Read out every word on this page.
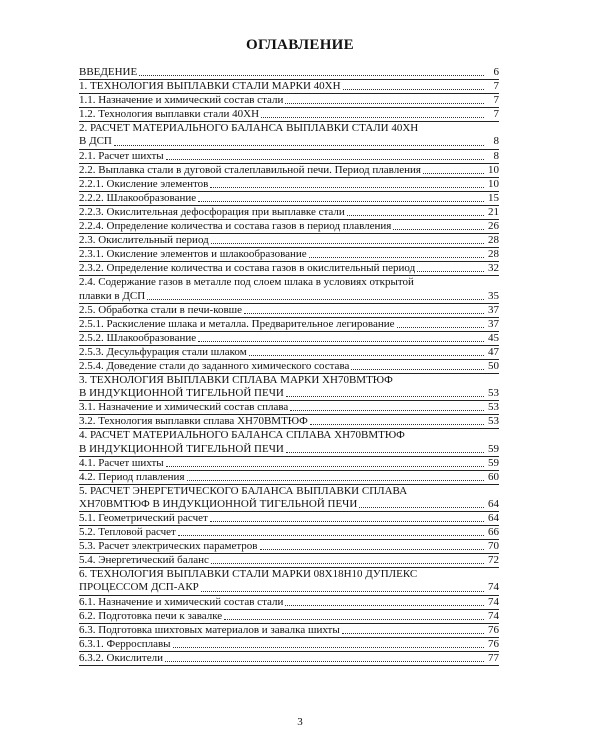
ОГЛАВЛЕНИЕ
ВВЕДЕНИЕ	6
1. ТЕХНОЛОГИЯ ВЫПЛАВКИ СТАЛИ МАРКИ 40ХН	7
1.1. Назначение и химический состав стали	7
1.2. Технология выплавки стали 40ХН	7
2. РАСЧЕТ МАТЕРИАЛЬНОГО БАЛАНСА ВЫПЛАВКИ СТАЛИ 40ХН
В ДСП	8
2.1. Расчет шихты	8
2.2. Выплавка стали в дуговой сталеплавильной печи. Период плавления	10
2.2.1. Окисление элементов	10
2.2.2. Шлакообразование	15
2.2.3. Окислительная дефосфорация при выплавке стали	21
2.2.4. Определение количества и состава газов в период плавления	26
2.3. Окислительный период	28
2.3.1. Окисление элементов и шлакообразование	28
2.3.2. Определение количества и состава газов в окислительный период	32
2.4. Содержание газов в металле под слоем шлака в условиях открытой
плавки в ДСП	35
2.5. Обработка стали в печи-ковше	37
2.5.1. Раскисление шлака и металла. Предварительное легирование	37
2.5.2. Шлакообразование	45
2.5.3. Десульфурация стали шлаком	47
2.5.4. Доведение стали до заданного химического состава	50
3. ТЕХНОЛОГИЯ ВЫПЛАВКИ СПЛАВА МАРКИ ХН70ВМТЮФ
В ИНДУКЦИОННОЙ ТИГЕЛЬНОЙ ПЕЧИ	53
3.1. Назначение и химический состав сплава	53
3.2. Технология выплавки сплава ХН70ВМТЮФ	53
4. РАСЧЕТ МАТЕРИАЛЬНОГО БАЛАНСА СПЛАВА ХН70ВМТЮФ
В ИНДУКЦИОННОЙ ТИГЕЛЬНОЙ ПЕЧИ	59
4.1. Расчет шихты	59
4.2. Период плавления	60
5. РАСЧЕТ ЭНЕРГЕТИЧЕСКОГО БАЛАНСА ВЫПЛАВКИ СПЛАВА
ХН70ВМТЮФ В ИНДУКЦИОННОЙ ТИГЕЛЬНОЙ ПЕЧИ	64
5.1. Геометрический расчет	64
5.2. Тепловой расчет	66
5.3. Расчет электрических параметров	70
5.4. Энергетический баланс	72
6. ТЕХНОЛОГИЯ ВЫПЛАВКИ СТАЛИ МАРКИ 08Х18Н10 ДУПЛЕКС
ПРОЦЕССОМ ДСП-АКР	74
6.1. Назначение и химический состав стали	74
6.2. Подготовка печи к завалке	74
6.3. Подготовка шихтовых материалов и завалка шихты	76
6.3.1. Ферросплавы	76
6.3.2. Окислители	77
3
